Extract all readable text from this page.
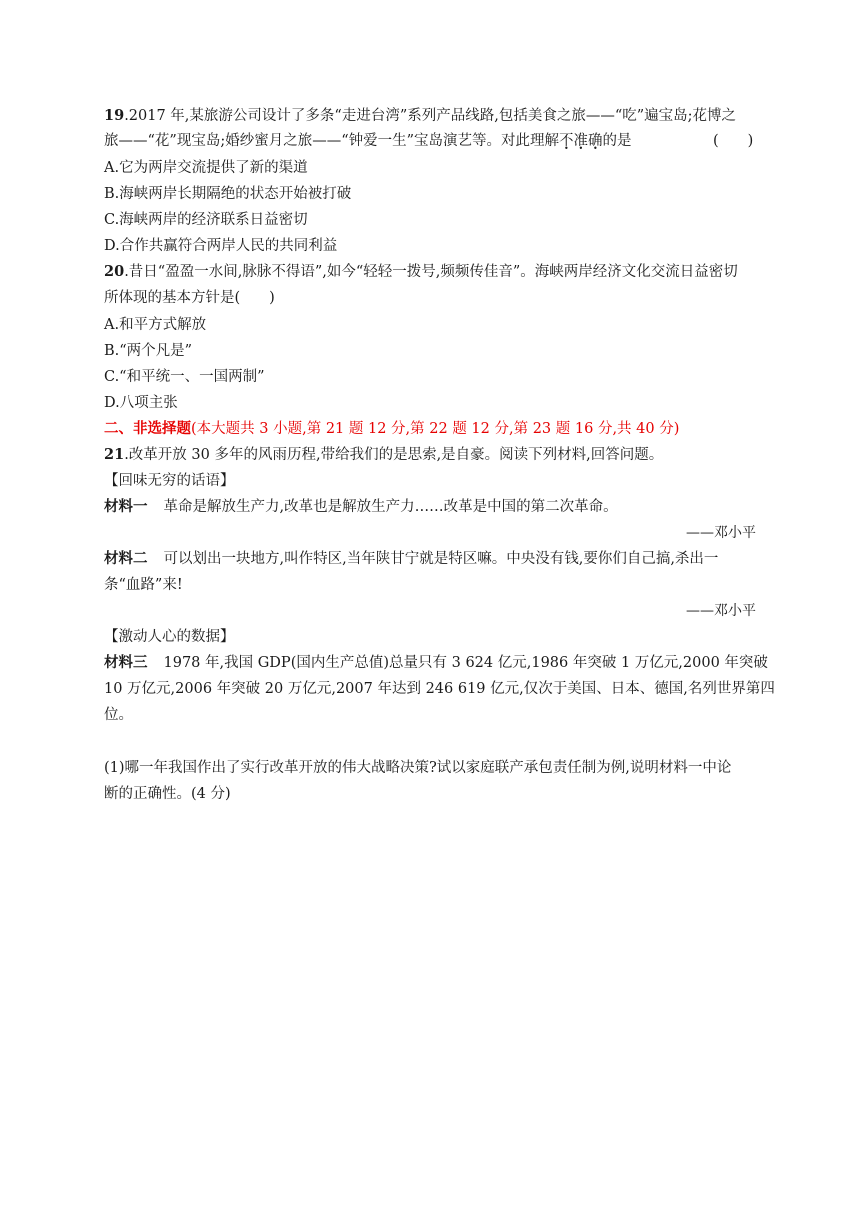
19.2017 年,某旅游公司设计了多条“走进台湾”系列产品线路,包括美食之旅——“吃”遍宝岛;花博之
旅——“花”现宝岛;婚纱蜜月之旅——“钟爱一生”宝岛演艺等。对此理解不准确的是	(　　)
A.它为两岸交流提供了新的渠道
B.海峡两岸长期隔绝的状态开始被打破
C.海峡两岸的经济联系日益密切
D.合作共赢符合两岸人民的共同利益
20.昔日“盈盈一水间,脉脉不得语”,如今“轻轻一拨号,频频传佳音”。海峡两岸经济文化交流日益密切
所体现的基本方针是(　　)
A.和平方式解放
B.“两个凡是”
C.“和平统一、一国两制”
D.八项主张
二、非选择题(本大题共 3 小题,第 21 题 12 分,第 22 题 12 分,第 23 题 16 分,共 40 分)
21.改革开放 30 多年的风雨历程,带给我们的是思索,是自豪。阅读下列材料,回答问题。
【回味无穷的话语】
材料一 革命是解放生产力,改革也是解放生产力……改革是中国的第二次革命。
——邓小平
材料二 可以划出一块地方,叫作特区,当年陕甘宁就是特区嘛。中央没有钱,要你们自己搞,杀出一
条“血路”来!
——邓小平
【激动人心的数据】
材料三 1978 年,我国 GDP(国内生产总值)总量只有 3 624 亿元,1986 年突破 1 万亿元,2000 年突破
10 万亿元,2006 年突破 20 万亿元,2007 年达到 246 619 亿元,仅次于美国、日本、德国,名列世界第四
位。
(1)哪一年我国作出了实行改革开放的伟大战略决策?试以家庭联产承包责任制为例,说明材料一中论
断的正确性。(4 分)
